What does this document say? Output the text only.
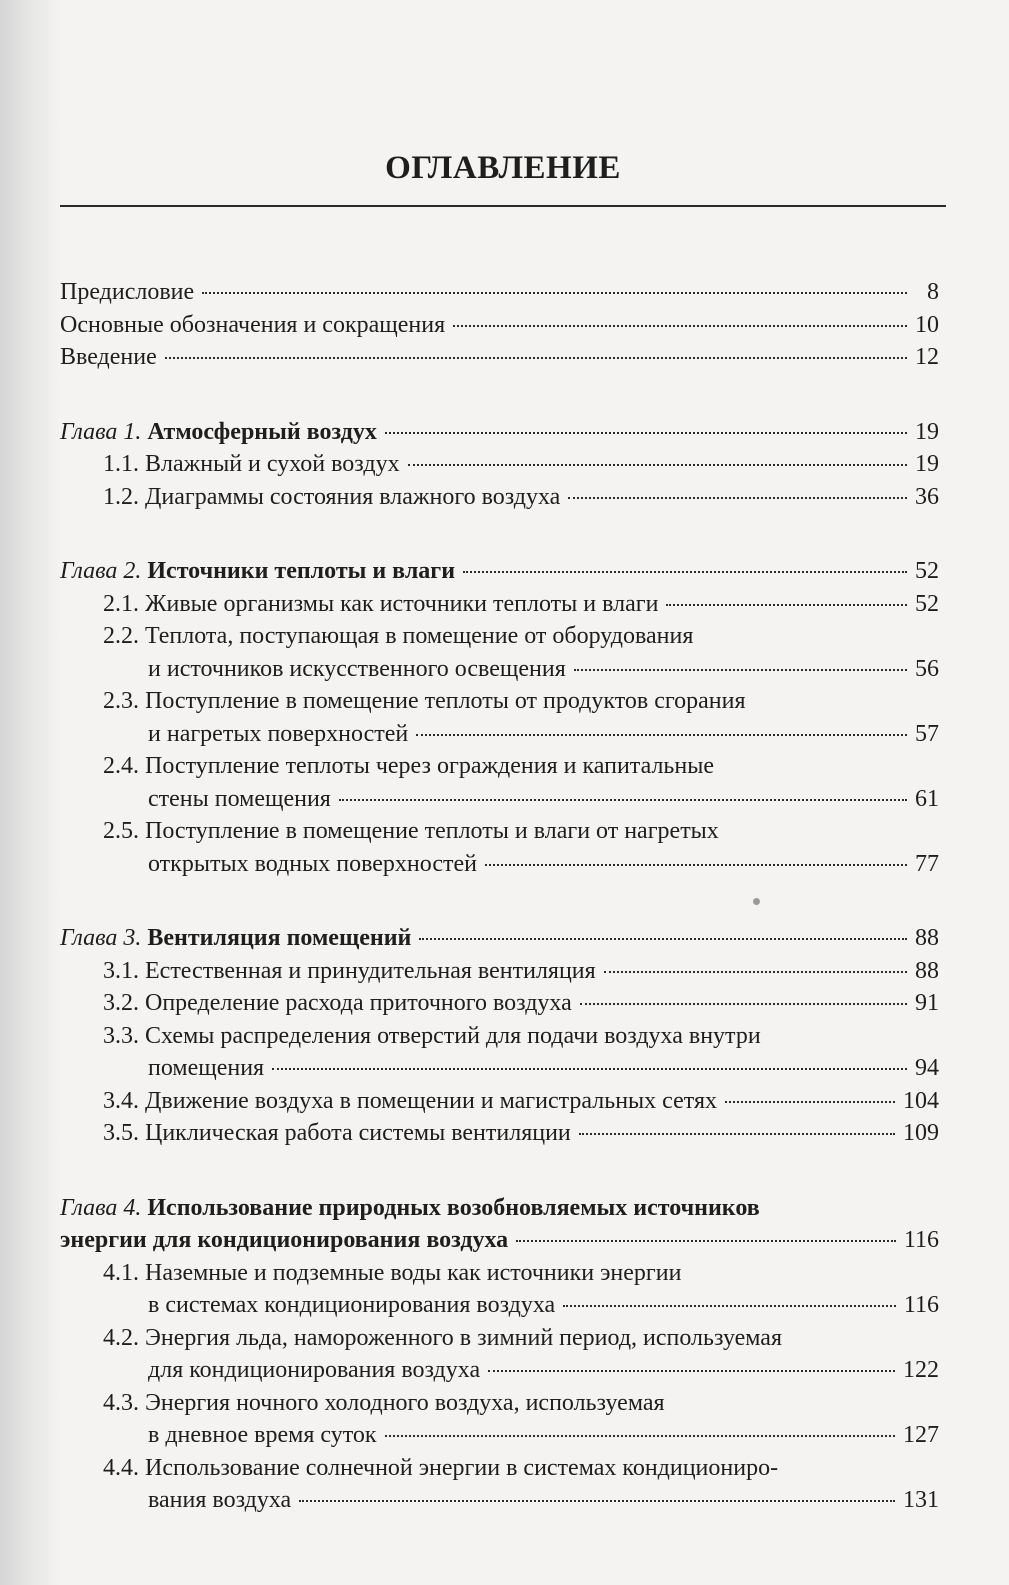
ОГЛАВЛЕНИЕ
Предисловие	8
Основные обозначения и сокращения	10
Введение	12
Глава 1. Атмосферный воздух	19
1.1. Влажный и сухой воздух	19
1.2. Диаграммы состояния влажного воздуха	36
Глава 2. Источники теплоты и влаги	52
2.1. Живые организмы как источники теплоты и влаги	52
2.2. Теплота, поступающая в помещение от оборудования
и источников искусственного освещения	56
2.3. Поступление в помещение теплоты от продуктов сгорания
и нагретых поверхностей	57
2.4. Поступление теплоты через ограждения и капитальные
стены помещения	61
2.5. Поступление в помещение теплоты и влаги от нагретых
открытых водных поверхностей	77
Глава 3. Вентиляция помещений	88
3.1. Естественная и принудительная вентиляция	88
3.2. Определение расхода приточного воздуха	91
3.3. Схемы распределения отверстий для подачи воздуха внутри
помещения	94
3.4. Движение воздуха в помещении и магистральных сетях	104
3.5. Циклическая работа системы вентиляции	109
Глава 4. Использование природных возобновляемых источников
энергии для кондиционирования воздуха	116
4.1. Наземные и подземные воды как источники энергии
в системах кондиционирования воздуха	116
4.2. Энергия льда, намороженного в зимний период, используемая
для кондиционирования воздуха	122
4.3. Энергия ночного холодного воздуха, используемая
в дневное время суток	127
4.4. Использование солнечной энергии в системах кондициониро-
вания воздуха	131
